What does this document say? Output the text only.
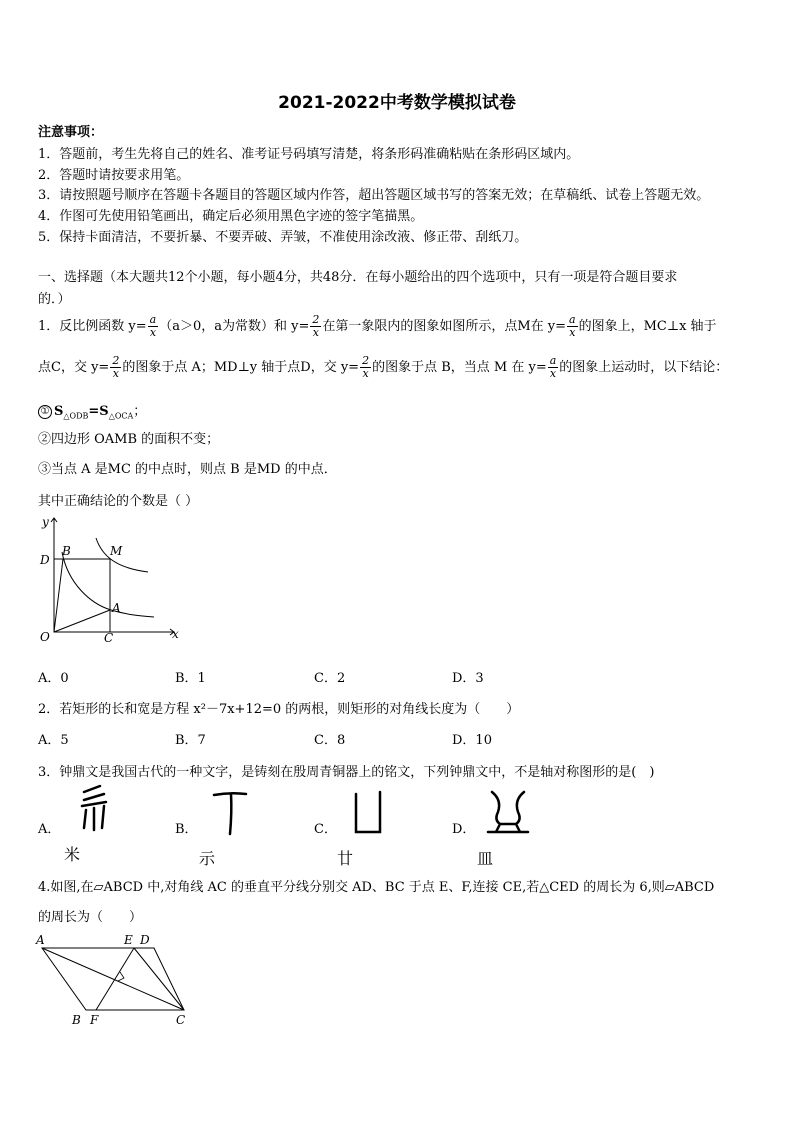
2021-2022中考数学模拟试卷
注意事项：
1．答题前，考生先将自己的姓名、准考证号码填写清楚，将条形码准确粘贴在条形码区域内。
2．答题时请按要求用笔。
3．请按照题号顺序在答题卡各题目的答题区域内作答，超出答题区域书写的答案无效；在草稿纸、试卷上答题无效。
4．作图可先使用铅笔画出，确定后必须用黑色字迹的签字笔描黑。
5．保持卡面清洁，不要折暴、不要弄破、弄皱，不准使用涂改液、修正带、刮纸刀。
一、选择题（本大题共12个小题，每小题4分，共48分．在每小题给出的四个选项中，只有一项是符合题目要求
的．）
1．反比例函数 $y= \frac{a}{x} (a>0$，a为常数）和 $y= \frac{2}{x}$ 在第一象限内的图象如图所示，点M在 $y= \frac{a}{x}$ 的图象上，MC⊥x 轴于
点C，交 $y= \frac{2}{x}$ 的图象于点 A；MD⊥y 轴于点D，交 $y= \frac{2}{x}$ 的图象于点 B，当点 M 在 $y= \frac{a}{x}$ 的图象上运动时，以下结论：
① $S_{\triangle ODB}=S_{\triangle OCA}$；
②四边形 OAMB 的面积不变；
③当点 A 是MC 的中点时，则点 B 是MD 的中点．
其中正确结论的个数是（ ）
y
D
B	M
A
O	C	x
A．0	B．1	C．2	D．3
2．若矩形的长和宽是方程 x²－7x+12=0 的两根，则矩形的对角线长度为（　　）
A．5	B．7	C．8	D．10
3．钟鼎文是我国古代的一种文字，是铸刻在殷周青铜器上的铭文，下列钟鼎文中，不是轴对称图形的是(　)
A．
米
B．
示
C．
廿
D．
皿
4.如图,在▱ABCD 中,对角线 AC 的垂直平分线分别交 AD、BC 于点 E、F,连接 CE,若△CED 的周长为 6,则▱ABCD
的周长为（　　）
A	E D
B F	C
